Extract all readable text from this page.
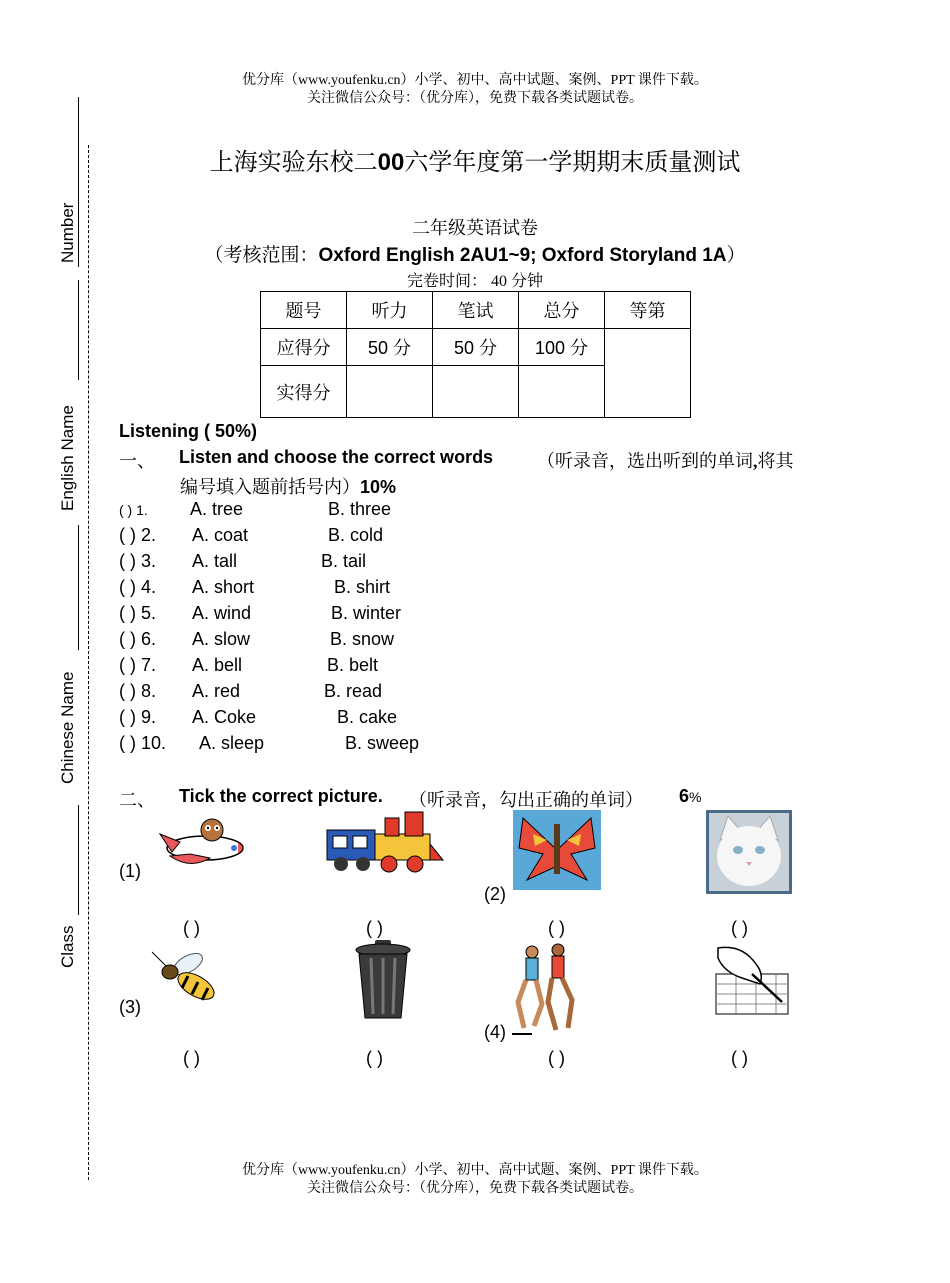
优分库（www.youfenku.cn）小学、初中、高中试题、案例、PPT 课件下载。
关注微信公众号：（优分库），免费下载各类试题试卷。
Number
English Name
Chinese Name
Class
上海实验东校二00六学年度第一学期期末质量测试
二年级英语试卷
（考核范围：Oxford English 2AU1~9; Oxford Storyland 1A）
完卷时间： 40 分钟
题号	听力	笔试	总分	等第
应得分	50 分	50 分	100 分	
实得分				
Listening ( 50%)
一、 Listen and choose the correct words （听录音，选出听到的单词,将其
编号填入题前括号内）10%
( ) 1. A. tree	B. three
( ) 2. A. coat	B. cold
( ) 3. A. tall	B. tail
( ) 4. A. short	B. shirt
( ) 5. A. wind	B. winter
( ) 6. A. slow	B. snow
( ) 7. A. bell	B. belt
( ) 8. A. red	B. read
( ) 9. A. Coke	B. cake
( ) 10. A. sleep	B. sweep
二、 Tick the correct picture. （听录音，勾出正确的单词） 6%
(1)
(2)
(3)
(4)
( )	( )	( )	( )
( )	( )	( )	( )
优分库（www.youfenku.cn）小学、初中、高中试题、案例、PPT 课件下载。
关注微信公众号：（优分库），免费下载各类试题试卷。
